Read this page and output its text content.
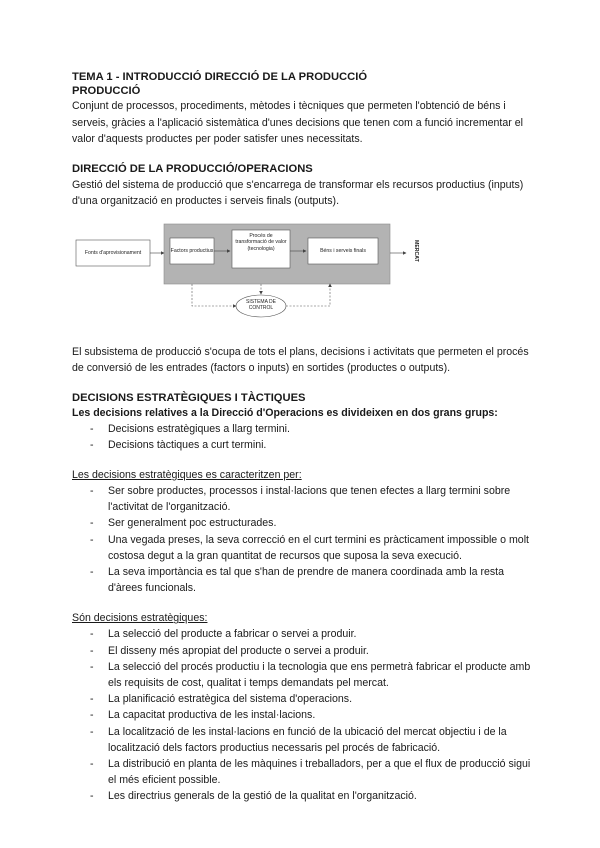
TEMA 1 - INTRODUCCIÓ DIRECCIÓ DE LA PRODUCCIÓ
PRODUCCIÓ

Conjunt de processos, procediments, mètodes i tècniques que permeten l'obtenció de béns i serveis, gràcies a l'aplicació sistemàtica d'unes decisions que tenen com a funció incrementar el valor d'aquests productes per poder satisfer unes necessitats.

DIRECCIÓ DE LA PRODUCCIÓ/OPERACIONS

Gestió del sistema de producció que s'encarrega de transformar els recursos productius (inputs) d'una organització en productes i serveis finals (outputs).

Fonts d'aprovisionament	Factors productius
Procés de transformació de valor (tecnologia)	Béns i serveis finals	MERCAT
SISTEMA DE CONTROL

El subsistema de producció s'ocupa de tots el plans, decisions i activitats que permeten el procés de conversió de les entrades (factors o inputs) en sortides (productes o outputs).

DECISIONS ESTRATÈGIQUES I TÀCTIQUES
Les decisions relatives a la Direcció d'Operacions es divideixen en dos grans grups:
- Decisions estratègiques a llarg termini.
- Decisions tàctiques a curt termini.
Les decisions estratègiques es caracteritzen per:
- Ser sobre productes, processos i instal·lacions que tenen efectes a llarg termini sobre l'activitat de l'organització.
- Ser generalment poc estructurades.
- Una vegada preses, la seva correcció en el curt termini es pràcticament impossible o molt costosa degut a la gran quantitat de recursos que suposa la seva execució.
- La seva importància es tal que s'han de prendre de manera coordinada amb la resta d'àrees funcionals.
Són decisions estratègiques:
- La selecció del producte a fabricar o servei a produir.
- El disseny més apropiat del producte o servei a produir.
- La selecció del procés productiu i la tecnologia que ens permetrà fabricar el producte amb els requisits de cost, qualitat i temps demandats pel mercat.
- La planificació estratègica del sistema d'operacions.
- La capacitat productiva de les instal·lacions.
- La localització de les instal·lacions en funció de la ubicació del mercat objectiu i de la localització dels factors productius necessaris pel procés de fabricació.
- La distribució en planta de les màquines i treballadors, per a que el flux de producció sigui el més eficient possible.
- Les directrius generals de la gestió de la qualitat en l'organització.
